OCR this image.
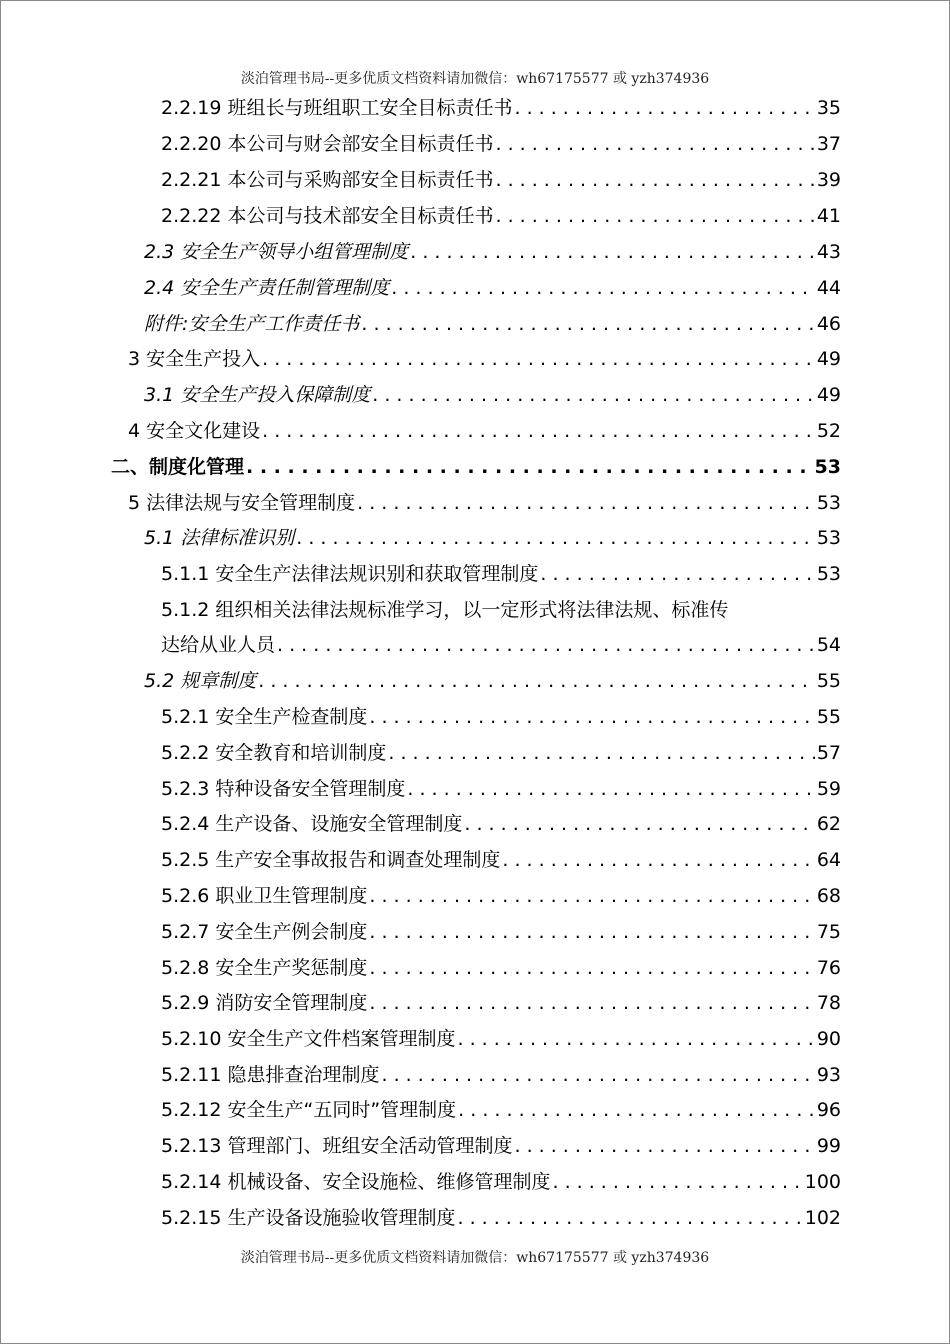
淡泊管理书局--更多优质文档资料请加微信：wh67175577 或 yzh374936
2.2.19 班组长与班组职工安全目标责任书 . . .	35
2.2.20 本公司与财会部安全目标责任书 . . .	37
2.2.21 本公司与采购部安全目标责任书 . . .	39
2.2.22 本公司与技术部安全目标责任书 . . .	41
2.3 安全生产领导小组管理制度 . . .	43
2.4 安全生产责任制管理制度 . . .	44
附件:安全生产工作责任书 . . .	46
3 安全生产投入 . . .	49
3.1 安全生产投入保障制度 . . .	49
4 安全文化建设 . . .	52
二、制度化管理 . . .	53
5 法律法规与安全管理制度 . . .	53
5.1 法律标准识别 . . .	53
5.1.1 安全生产法律法规识别和获取管理制度 . . .	53
5.1.2 组织相关法律法规标准学习，以一定形式将法律法规、标准传
达给从业人员 . . .	54
5.2 规章制度 . . .	55
5.2.1 安全生产检查制度 . . .	55
5.2.2 安全教育和培训制度 . . .	57
5.2.3 特种设备安全管理制度 . . .	59
5.2.4 生产设备、设施安全管理制度 . . .	62
5.2.5 生产安全事故报告和调查处理制度 . . .	64
5.2.6 职业卫生管理制度 . . .	68
5.2.7 安全生产例会制度 . . .	75
5.2.8 安全生产奖惩制度 . . .	76
5.2.9 消防安全管理制度 . . .	78
5.2.10 安全生产文件档案管理制度 . . .	90
5.2.11 隐患排查治理制度 . . .	93
5.2.12 安全生产“五同时”管理制度 . . .	96
5.2.13 管理部门、班组安全活动管理制度 . . .	99
5.2.14 机械设备、安全设施检、维修管理制度 . . .	100
5.2.15 生产设备设施验收管理制度 . . .	102
淡泊管理书局--更多优质文档资料请加微信：wh67175577 或 yzh374936
